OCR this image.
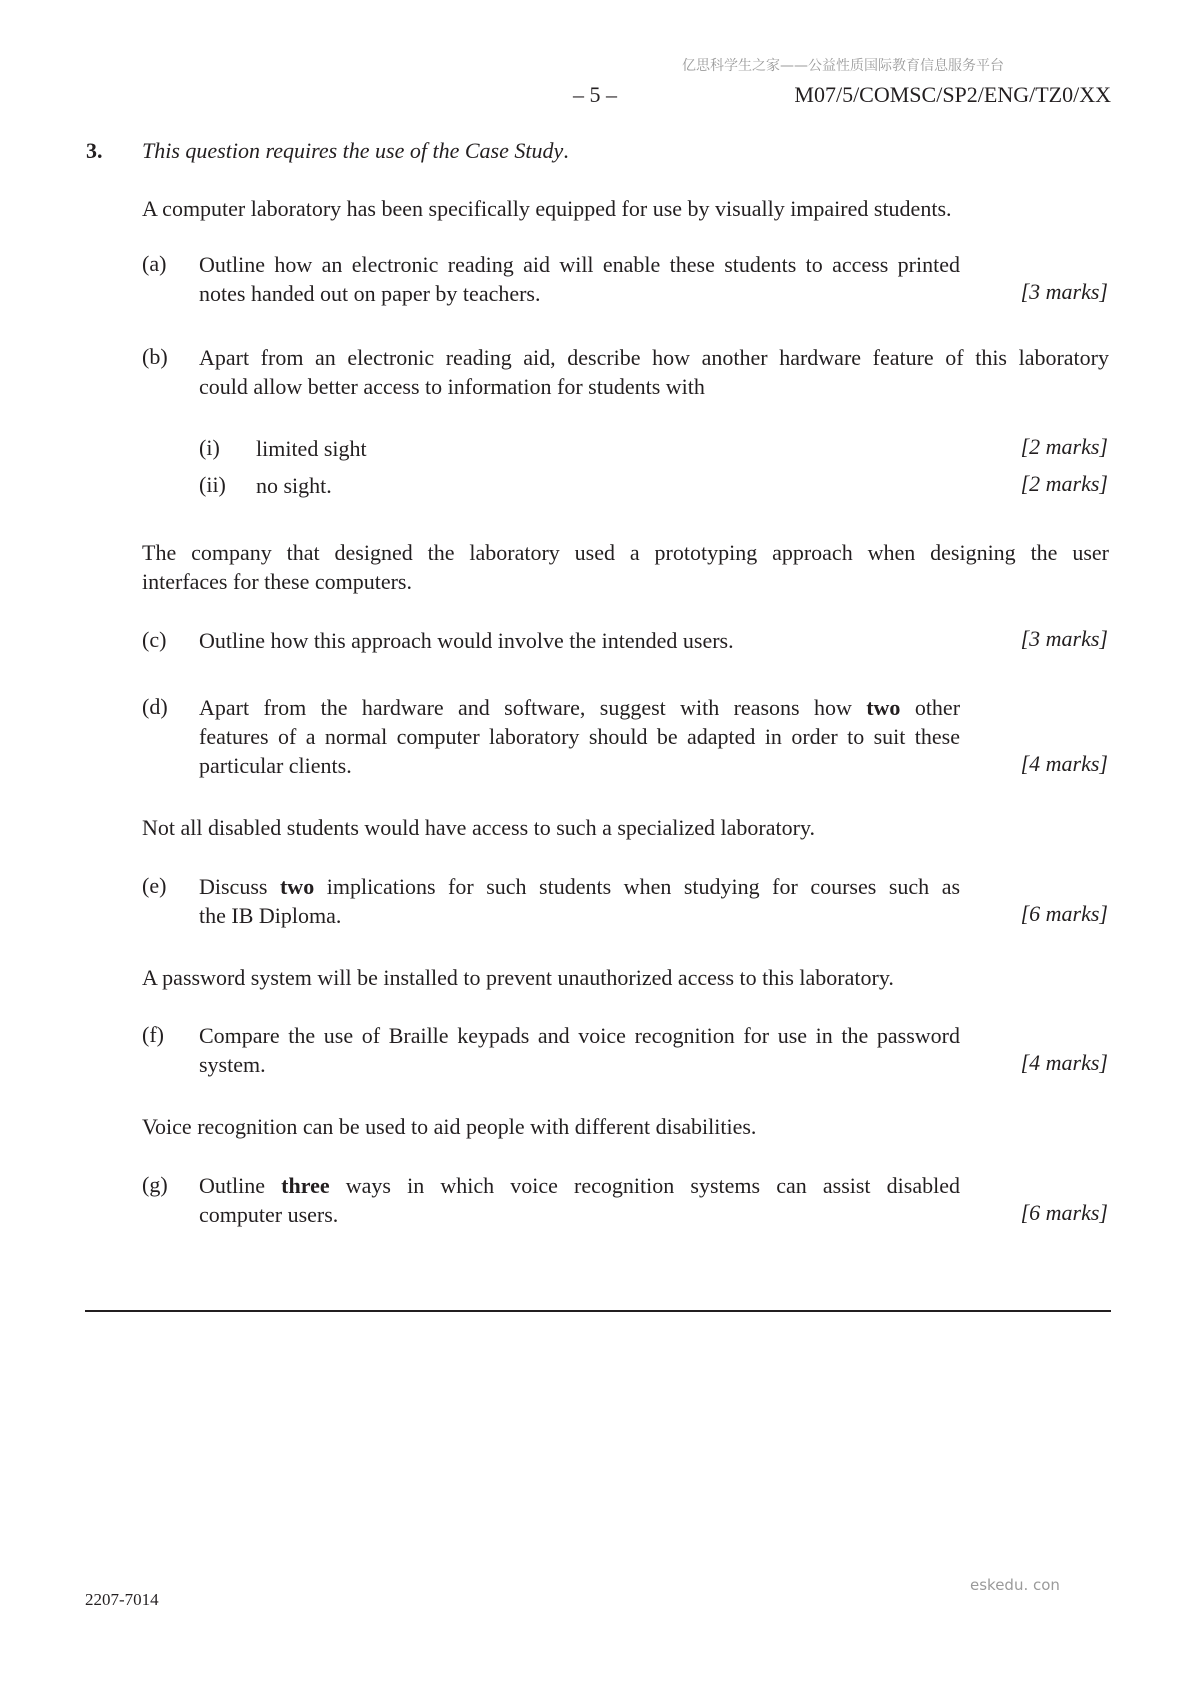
亿思科学生之家——公益性质国际教育信息服务平台
– 5 –	M07/5/COMSC/SP2/ENG/TZ0/XX
3. This question requires the use of the Case Study.
A computer laboratory has been specifically equipped for use by visually impaired students.
(a) Outline how an electronic reading aid will enable these students to access printed
notes handed out on paper by teachers.	[3 marks]
(b) Apart from an electronic reading aid, describe how another hardware feature of this laboratory
could allow better access to information for students with
(i) limited sight	[2 marks]
(ii) no sight.	[2 marks]
The company that designed the laboratory used a prototyping approach when designing the user
interfaces for these computers.
(c) Outline how this approach would involve the intended users.	[3 marks]
(d) Apart from the hardware and software, suggest with reasons how two other
features of a normal computer laboratory should be adapted in order to suit these
particular clients.	[4 marks]
Not all disabled students would have access to such a specialized laboratory.
(e) Discuss two implications for such students when studying for courses such as
the IB Diploma.	[6 marks]
A password system will be installed to prevent unauthorized access to this laboratory.
(f) Compare the use of Braille keypads and voice recognition for use in the password
system.	[4 marks]
Voice recognition can be used to aid people with different disabilities.
(g) Outline three ways in which voice recognition systems can assist disabled
computer users.	[6 marks]
2207-7014
eskedu. con
